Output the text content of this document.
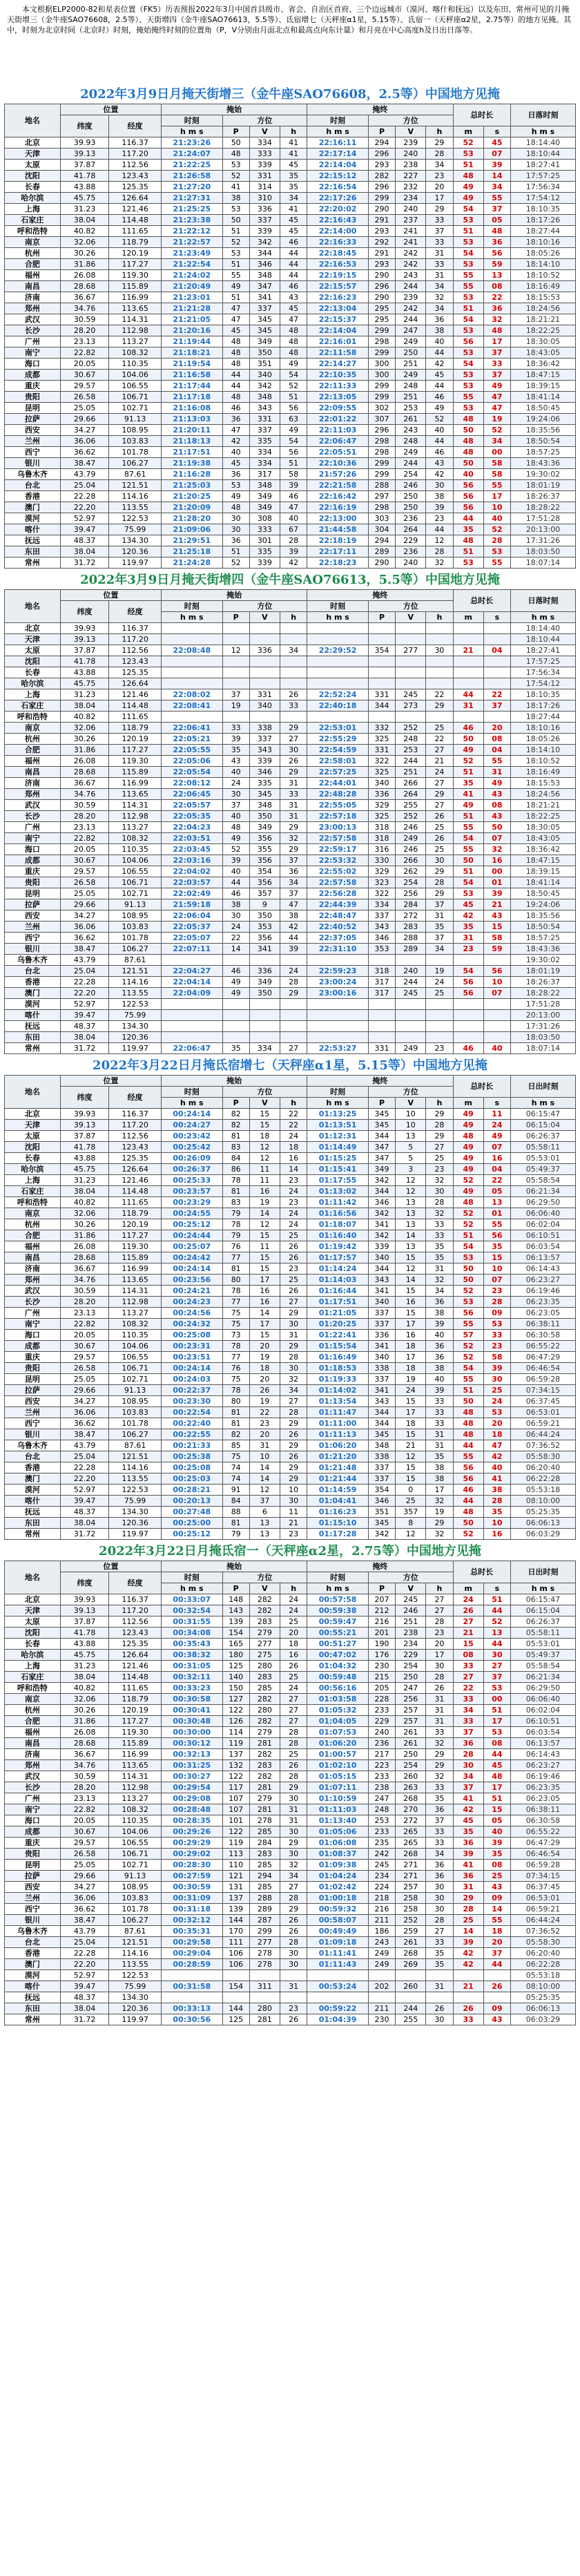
本文根据ELP2000-82和星表位置（FK5）历表预报2022年3月中国首县级市、省会、自治区首府、三个边远城市（漠河、喀什和抚远）以及东田、常州可见的月掩天街增三（金牛座SAO76608，2.5等）、天街增四（金牛座SAO76613，5.5等）、氐宿增七（天秤座α1星，5.15等）、氐宿一（天秤座α2星，2.75等）的地方见掩。其中，时刻为北京时间（北京时）时刻，掩始掩终时刻的位置角（P，V分别由月面北点和最高点向东计量）和月亮在中心高度h及日出日落等。

2022年3月9日月掩天街增三（金牛座SAO76608，2.5等）中国地方见掩
地名	位置		掩始				掩终				总时长		日落时刻
	纬度	经度	时刻	方位			时刻	方位					
			h m s	P	V	h	h m s	P	V	h	m	s	h m s
北京	39.93	116.37	21:23:26	50	334	41	22:16:11	294	239	29	52	45	18:14:40
天津	39.13	117.20	21:24:07	48	333	41	22:17:14	296	240	28	53	07	18:10:44
太原	37.87	112.56	21:22:25	53	339	45	22:14:04	293	238	34	51	39	18:27:41
沈阳	41.78	123.43	21:26:58	52	331	35	22:15:12	282	227	23	48	14	17:57:25
长春	43.88	125.35	21:27:20	41	314	35	22:16:54	296	232	20	49	34	17:56:34
哈尔滨	45.75	126.64	21:27:31	38	310	34	22:17:26	299	234	17	49	55	17:54:12
上海	31.23	121.46	21:25:25	53	336	41	22:20:02	290	240	29	54	37	18:10:35
石家庄	38.04	114.48	21:23:38	50	337	45	22:16:43	291	237	33	53	05	18:17:26
呼和浩特	40.82	111.65	21:22:12	51	339	45	22:14:00	293	241	37	51	48	18:27:44
南京	32.06	118.79	21:22:57	52	342	46	22:16:33	292	241	33	53	36	18:10:16
杭州	30.26	120.19	21:23:49	53	344	44	22:18:45	291	242	31	54	56	18:05:26
合肥	31.86	117.27	21:22:54	51	346	44	22:16:53	293	242	33	53	59	18:14:10
福州	26.08	119.30	21:24:02	55	348	44	22:19:15	290	243	31	55	13	18:10:52
南昌	28.68	115.89	21:20:49	49	347	46	22:15:57	296	244	34	55	08	18:16:49
济南	36.67	116.99	21:23:01	51	341	43	22:16:23	290	239	32	53	22	18:15:53
郑州	34.76	113.65	21:21:28	47	337	45	22:13:04	295	242	34	51	36	18:24:56
武汉	30.59	114.31	21:21:05	47	345	47	22:15:37	295	244	36	54	32	18:21:21
长沙	28.20	112.98	21:20:16	45	345	48	22:14:04	299	247	38	53	48	18:22:25
广州	23.13	113.27	21:19:44	48	349	48	22:16:01	298	249	40	56	17	18:30:05
南宁	22.82	108.32	21:18:21	48	350	48	22:11:58	299	250	44	53	37	18:43:05
海口	20.05	110.35	21:19:54	48	351	49	22:14:27	300	251	42	54	33	18:36:42
成都	30.67	104.06	21:16:58	44	340	54	22:10:35	300	249	45	53	37	18:47:15
重庆	29.57	106.55	21:17:44	44	342	52	22:11:33	299	248	44	53	49	18:39:15
贵阳	26.58	106.71	21:17:18	48	348	51	22:13:05	299	251	46	55	47	18:41:14
昆明	25.05	102.71	21:16:08	46	343	56	22:09:55	302	253	49	53	47	18:50:45
拉萨	29.66	91.13	21:13:03	36	331	63	22:01:22	307	261	52	48	19	19:24:06
西安	34.27	108.95	21:20:11	47	337	49	22:11:03	296	243	40	50	52	18:35:56
兰州	36.06	103.83	21:18:13	42	335	54	22:06:47	298	248	44	48	34	18:50:54
西宁	36.62	101.78	21:17:51	40	334	56	22:05:51	298	249	46	48	00	18:57:25
银川	38.47	106.27	21:19:38	45	334	51	22:10:36	299	244	43	50	58	18:43:36
乌鲁木齐	43.79	87.61	21:16:28	36	317	58	21:57:26	299	254	42	40	58	19:30:02
台北	25.04	121.51	21:25:03	53	348	39	22:21:58	288	246	30	56	55	18:01:19
香港	22.28	114.16	21:20:25	49	349	46	22:16:42	297	250	38	56	17	18:26:37
澳门	22.20	113.55	21:20:09	48	349	47	22:16:19	298	250	39	56	10	18:28:22
漠河	52.97	122.53	21:28:20	30	308	40	22:13:00	303	236	23	44	40	17:51:28
喀什	39.47	75.99	21:09:06	30	333	67	21:44:58	304	264	44	35	52	20:13:00
抚远	48.37	134.30	21:29:51	36	301	28	22:18:19	294	229	12	48	28	17:31:26
东田	38.04	120.36	21:25:18	51	335	39	22:17:11	289	236	28	51	53	18:03:50
常州	31.72	119.97	21:24:28	52	339	42	22:18:23	290	240	32	53	55	18:07:14
2022年3月9日月掩天街增四（金牛座SAO76613，5.5等）中国地方见掩
地名	位置		掩始				掩终				总时长		日落时刻
	纬度	经度	时刻	方位			时刻	方位					
			h m s	P	V	h	h m s	P	V	h	m	s	h m s
北京	39.93	116.37											18:14:40
天津	39.13	117.20											18:10:44
太原	37.87	112.56	22:08:48	12	336	34	22:29:52	354	277	30	21	04	18:27:41
沈阳	41.78	123.43											17:57:25
长春	43.88	125.35											17:56:34
哈尔滨	45.75	126.64											17:54:12
上海	31.23	121.46	22:08:02	37	331	26	22:52:24	331	245	22	44	22	18:10:35
石家庄	38.04	114.48	22:08:41	19	340	33	22:40:18	344	273	29	31	37	18:17:26
呼和浩特	40.82	111.65											18:27:44
南京	32.06	118.79	22:06:41	33	338	29	22:53:01	332	252	25	46	20	18:10:16
杭州	30.26	120.19	22:05:21	39	337	27	22:55:29	325	248	22	50	08	18:05:26
合肥	31.86	117.27	22:05:55	35	343	30	22:54:59	331	253	27	49	04	18:14:10
福州	26.08	119.30	22:05:06	43	339	26	22:58:01	322	244	21	52	55	18:10:52
南昌	28.68	115.89	22:05:54	40	346	29	22:57:25	325	251	24	51	31	18:16:49
济南	36.67	116.99	22:08:12	24	335	31	22:44:01	340	266	27	35	49	18:15:53
郑州	34.76	113.65	22:06:45	30	345	33	22:48:28	336	264	29	41	43	18:24:56
武汉	30.59	114.31	22:05:57	37	348	31	22:55:05	329	255	27	49	08	18:21:21
长沙	28.20	112.98	22:05:35	40	350	31	22:57:18	325	252	26	51	43	18:22:25
广州	23.13	113.27	22:04:23	48	349	29	23:00:13	318	246	25	55	50	18:30:05
南宁	22.82	108.32	22:03:51	49	356	32	22:57:58	318	249	26	54	07	18:43:05
海口	20.05	110.35	22:03:45	52	355	29	22:59:17	316	246	25	55	32	18:36:42
成都	30.67	104.06	22:03:16	39	356	37	22:53:32	330	266	30	50	16	18:47:15
重庆	29.57	106.55	22:04:02	40	354	36	22:55:02	329	262	29	51	00	18:39:15
贵阳	26.58	106.71	22:03:57	44	356	34	22:57:58	323	254	28	54	01	18:41:14
昆明	25.05	102.71	22:02:49	46	357	37	22:56:28	322	256	29	53	39	18:50:45
拉萨	29.66	91.13	21:59:18	38	9	47	22:44:39	334	284	37	45	21	19:24:06
西安	34.27	108.95	22:06:04	30	350	38	22:48:47	337	272	31	42	43	18:35:56
兰州	36.06	103.83	22:05:37	24	353	42	22:40:52	343	283	35	35	15	18:50:54
西宁	36.62	101.78	22:05:07	22	356	44	22:37:05	346	288	37	31	58	18:57:25
银川	38.47	106.27	22:07:11	14	341	39	22:31:10	353	289	34	23	59	18:43:36
乌鲁木齐	43.79	87.61											19:30:02
台北	25.04	121.51	22:04:27	46	336	24	22:59:23	318	240	19	54	56	18:01:19
香港	22.28	114.16	22:04:14	49	349	28	23:00:24	317	244	24	56	10	18:26:37
澳门	22.20	113.55	22:04:09	49	350	29	23:00:16	317	245	25	56	07	18:28:22
漠河	52.97	122.53											17:51:28
喀什	39.47	75.99											20:13:00
抚远	48.37	134.30											17:31:26
东田	38.04	120.36											18:03:50
常州	31.72	119.97	22:06:47	35	334	27	22:53:27	331	249	23	46	40	18:07:14
2022年3月22日月掩氐宿增七（天秤座α1星，5.15等）中国地方见掩
地名	位置		掩始				掩终				总时长		日出时刻
	纬度	经度	时刻	方位			时刻	方位					
			h m s	P	V	h	h m s	P	V	h	m	s	h m s
北京	39.93	116.37	00:24:14	82	15	22	01:13:25	345	10	29	49	11	06:15:47
天津	39.13	117.20	00:24:27	82	15	22	01:13:51	345	10	28	49	24	06:15:04
太原	37.87	112.56	00:23:42	81	18	24	01:12:31	344	13	29	48	49	06:26:37
沈阳	41.78	123.43	00:25:42	83	12	18	01:14:49	347	5	27	49	07	05:58:11
长春	43.88	125.35	00:26:09	84	12	16	01:15:25	347	5	25	49	16	05:53:01
哈尔滨	45.75	126.64	00:26:37	86	11	14	01:15:41	349	3	23	49	04	05:49:37
上海	31.23	121.46	00:25:33	78	11	23	01:17:55	342	12	32	52	22	05:58:54
石家庄	38.04	114.48	00:23:57	81	16	24	01:13:02	344	12	30	49	05	06:21:34
呼和浩特	40.82	111.65	00:23:29	83	19	23	01:11:42	346	13	28	48	13	06:29:50
南京	32.06	118.79	00:24:55	79	14	24	01:16:56	342	13	32	52	01	06:06:40
杭州	30.26	120.19	00:25:12	78	12	24	01:18:07	341	13	33	52	55	06:02:04
合肥	31.86	117.27	00:24:44	79	15	25	01:16:40	342	14	33	51	56	06:10:51
福州	26.08	119.30	00:25:07	76	11	26	01:19:42	339	13	35	54	35	06:03:54
南昌	28.68	115.89	00:24:42	77	15	26	01:17:57	340	15	35	53	15	06:13:57
济南	36.67	116.99	00:24:14	81	15	23	01:14:24	344	12	31	50	10	06:14:43
郑州	34.76	113.65	00:23:56	80	17	25	01:14:03	343	14	32	50	07	06:23:27
武汉	30.59	114.31	00:24:21	78	16	26	01:16:44	341	15	34	52	23	06:19:46
长沙	28.20	112.98	00:24:23	77	16	27	01:17:51	340	16	36	53	28	06:23:35
广州	23.13	113.27	00:24:56	75	14	29	01:21:05	337	15	38	56	09	06:23:05
南宁	22.82	108.32	00:24:32	75	17	30	01:20:25	337	17	39	55	53	06:38:11
海口	20.05	110.35	00:25:08	73	15	31	01:22:41	336	16	40	57	33	06:30:58
成都	30.67	104.06	00:23:31	78	20	29	01:15:54	341	18	36	52	23	06:55:22
重庆	29.57	106.55	00:23:51	77	19	28	01:16:49	340	17	36	52	58	06:47:29
贵阳	26.58	106.71	00:24:14	76	18	30	01:18:53	338	18	38	54	39	06:46:54
昆明	25.05	102.71	00:24:03	75	20	32	01:19:33	337	19	40	55	30	06:59:28
拉萨	29.66	91.13	00:22:37	78	26	34	01:14:02	341	24	39	51	25	07:34:15
西安	34.27	108.95	00:23:30	80	19	27	01:13:54	343	15	33	50	24	06:37:45
兰州	36.06	103.83	00:22:54	81	22	28	01:11:47	344	17	33	48	53	06:53:01
西宁	36.62	101.78	00:22:40	81	23	29	01:11:00	344	18	33	48	20	06:59:21
银川	38.47	106.27	00:22:55	82	20	26	01:11:13	345	15	31	48	18	06:44:24
乌鲁木齐	43.79	87.61	00:21:33	85	31	29	01:06:20	348	21	31	44	47	07:36:52
台北	25.04	121.51	00:25:38	75	10	26	01:21:20	338	12	35	55	42	05:58:30
香港	22.28	114.16	00:25:08	74	14	29	01:21:48	337	15	38	56	40	06:20:40
澳门	22.20	113.55	00:25:03	74	14	29	01:21:44	337	15	38	56	41	06:22:28
漠河	52.97	122.53	00:28:21	91	12	10	01:14:59	354	0	17	46	38	05:53:18
喀什	39.47	75.99	00:20:13	84	37	30	01:04:41	346	25	32	44	28	08:10:00
抚远	48.37	134.30	00:27:48	88	6	11	01:16:23	351	357	19	48	35	05:25:35
东田	38.04	120.36	00:25:00	81	13	21	01:15:10	345	8	29	50	10	06:06:13
常州	31.72	119.97	00:25:12	79	13	23	01:17:28	342	12	32	52	16	06:03:29
2022年3月22日月掩氐宿一（天秤座α2星，2.75等）中国地方见掩
地名	位置		掩始				掩终				总时长		日出时刻
	纬度	经度	时刻	方位			时刻	方位					
			h m s	P	V	h	h m s	P	V	h	m	s	h m s
北京	39.93	116.37	00:33:07	148	282	24	00:57:58	207	245	27	24	51	06:15:47
天津	39.13	117.20	00:32:54	143	282	24	00:59:38	212	246	27	26	44	06:15:04
太原	37.87	112.56	00:31:55	139	283	25	00:59:47	216	251	28	27	52	06:26:37
沈阳	41.78	123.43	00:34:08	154	279	20	00:55:21	201	238	23	21	13	05:58:11
长春	43.88	125.35	00:35:43	165	277	18	00:51:27	190	234	20	15	44	05:53:01
哈尔滨	45.75	126.64	00:38:32	180	275	16	00:47:02	176	229	17	08	30	05:49:37
上海	31.23	121.46	00:31:05	125	280	26	01:04:32	230	254	30	33	27	05:58:54
石家庄	38.04	114.48	00:32:11	140	283	25	00:59:48	215	250	28	27	37	06:21:34
呼和浩特	40.82	111.65	00:33:23	150	285	24	00:56:16	205	247	26	22	53	06:29:50
南京	32.06	118.79	00:30:58	127	282	27	01:03:58	228	256	31	33	00	06:06:40
杭州	30.26	120.19	00:30:41	122	280	27	01:05:32	233	257	31	34	51	06:02:04
合肥	31.86	117.27	00:30:48	126	282	27	01:04:05	229	257	31	33	17	06:10:51
福州	26.08	119.30	00:30:00	114	279	28	01:07:53	240	261	33	37	53	06:03:54
南昌	28.68	115.89	00:30:12	119	281	28	01:06:20	236	261	32	36	08	06:13:57
济南	36.67	116.99	00:32:13	137	282	25	01:00:57	217	250	29	28	44	06:14:43
郑州	34.76	113.65	00:31:25	132	283	26	01:02:10	223	254	29	30	45	06:23:27
武汉	30.59	114.31	00:30:27	122	282	28	01:05:15	233	260	32	34	48	06:19:46
长沙	28.20	112.98	00:29:54	117	281	29	01:07:11	238	263	33	37	17	06:23:35
广州	23.13	113.27	00:29:08	107	279	30	01:10:59	247	268	35	41	51	06:23:05
南宁	22.82	108.32	00:28:48	107	281	31	01:11:03	248	270	36	42	15	06:38:11
海口	20.05	110.35	00:28:35	101	278	31	01:13:40	253	272	37	45	05	06:30:58
成都	30.67	104.06	00:29:26	122	285	30	01:05:06	233	265	33	35	40	06:55:22
重庆	29.57	106.55	00:29:29	119	284	29	01:06:08	235	265	33	36	39	06:47:29
贵阳	26.58	106.71	00:29:02	113	283	30	01:08:37	242	268	34	39	35	06:46:54
昆明	25.05	102.71	00:28:30	110	285	32	01:09:38	245	271	36	41	08	06:59:28
拉萨	29.66	91.13	00:27:59	121	294	34	01:04:24	234	271	36	36	25	07:34:15
西安	34.27	108.95	00:30:59	131	285	27	01:02:42	224	257	30	31	43	06:37:45
兰州	36.06	103.83	00:31:09	137	288	28	01:00:18	218	258	30	29	09	06:53:01
西宁	36.62	101.78	00:31:18	139	289	29	00:59:32	216	258	30	28	14	06:59:21
银川	38.47	106.27	00:32:12	144	287	26	00:58:07	211	252	28	25	55	06:44:24
乌鲁木齐	43.79	87.61	00:35:31	170	299	26	00:49:49	186	259	27	14	18	07:36:52
台北	25.04	121.51	00:29:58	111	277	28	01:09:18	243	261	33	39	20	05:58:30
香港	22.28	114.16	00:29:04	106	278	30	01:11:41	249	268	35	42	37	06:20:40
澳门	22.20	113.55	00:28:59	106	278	30	01:11:43	249	269	35	42	44	06:22:28
漠河	52.97	122.53											05:53:18
喀什	39.47	75.99	00:31:58	154	311	31	00:53:24	202	260	31	21	26	08:10:00
抚远	48.37	134.30											05:25:35
东田	38.04	120.36	00:33:13	144	280	23	00:59:22	211	244	26	26	09	06:06:13
常州	31.72	119.97	00:30:56	125	281	26	01:04:39	230	255	30	33	43	06:03:29
